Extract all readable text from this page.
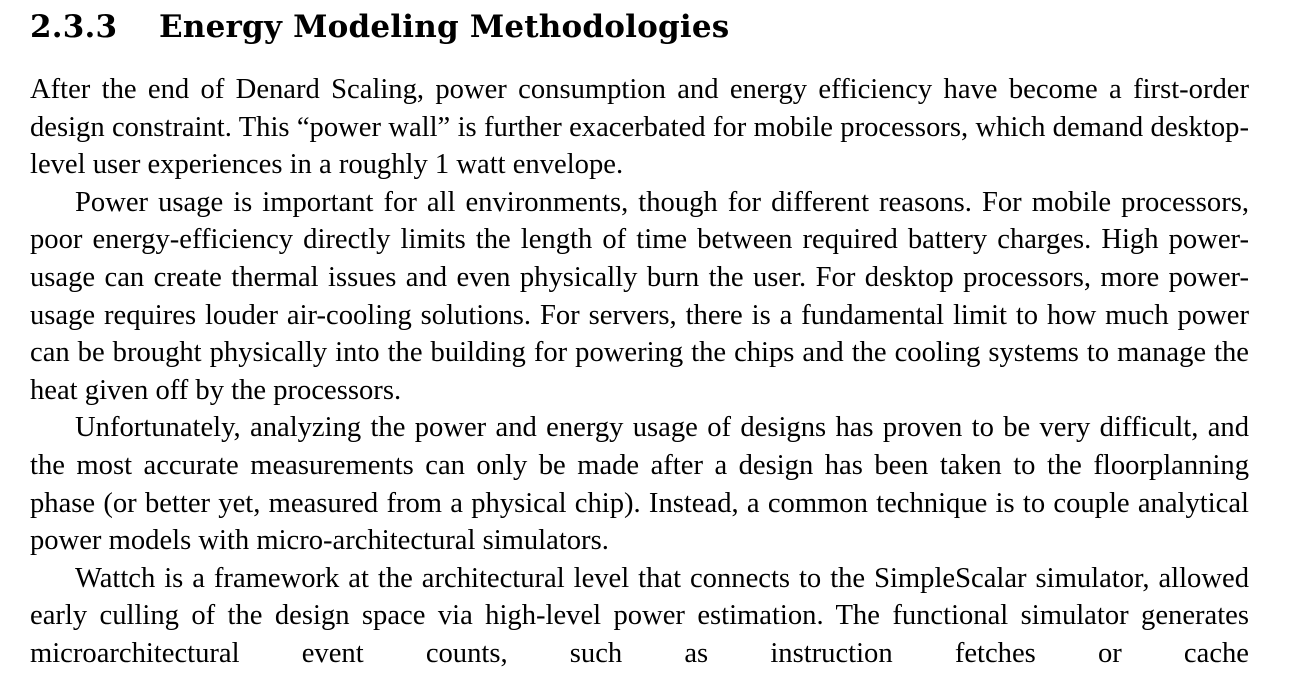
2.3.3	Energy Modeling Methodologies

After the end of Denard Scaling, power consumption and energy efficiency have become a first-order design constraint. This “power wall” is further exacerbated for mobile processors, which demand desktop-level user experiences in a roughly 1 watt envelope.

Power usage is important for all environments, though for different reasons. For mobile processors, poor energy-efficiency directly limits the length of time between required battery charges. High power-usage can create thermal issues and even physically burn the user. For desktop processors, more power-usage requires louder air-cooling solutions. For servers, there is a fundamental limit to how much power can be brought physically into the building for powering the chips and the cooling systems to manage the heat given off by the processors.

Unfortunately, analyzing the power and energy usage of designs has proven to be very difficult, and the most accurate measurements can only be made after a design has been taken to the floorplanning phase (or better yet, measured from a physical chip). Instead, a common technique is to couple analytical power models with micro-architectural simulators.

Wattch is a framework at the architectural level that connects to the SimpleScalar simulator, allowed early culling of the design space via high-level power estimation. The functional simulator generates microarchitectural event counts, such as instruction fetches or cache
